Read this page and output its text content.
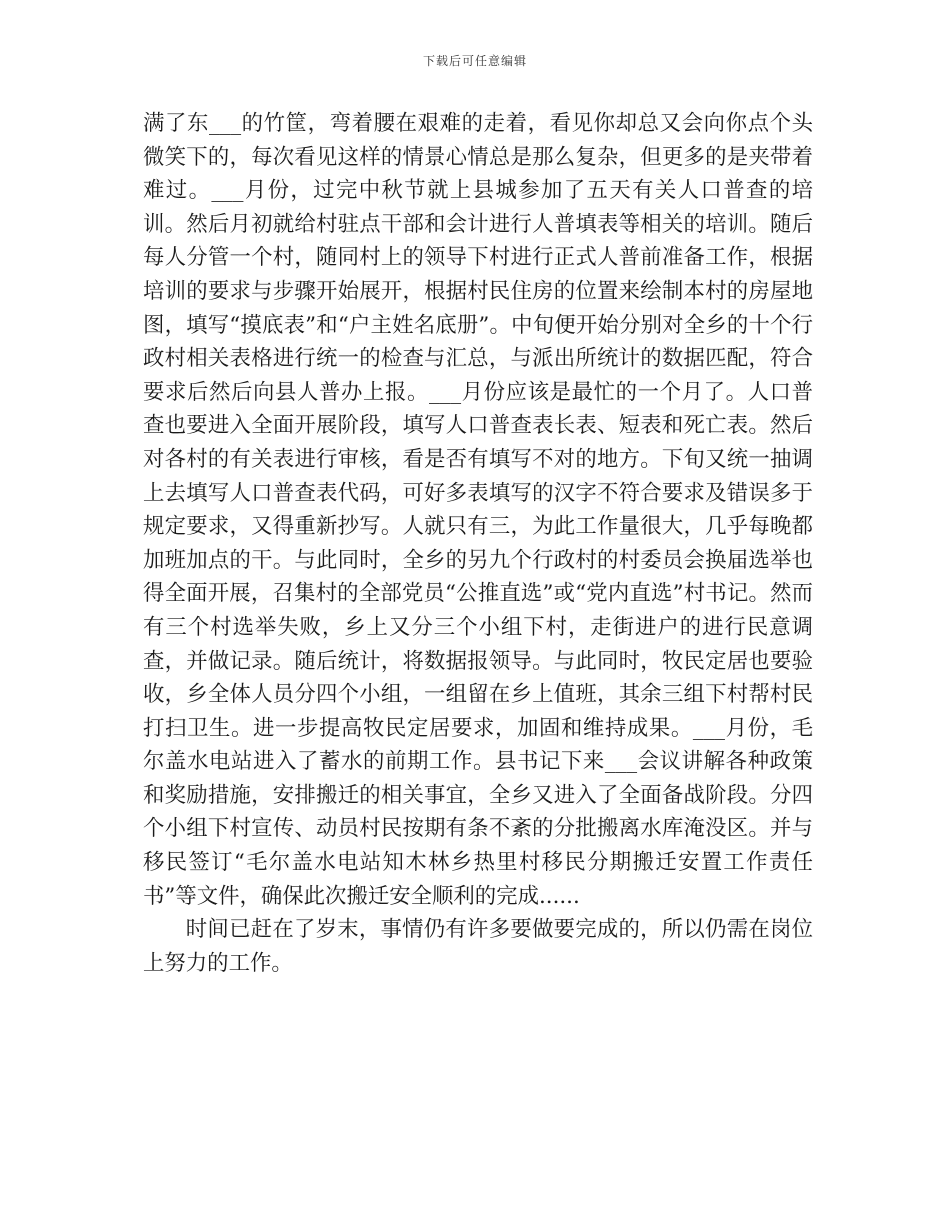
下载后可任意编辑

满了东___的竹筐，弯着腰在艰难的走着，看见你却总又会向你点个头微笑下的，每次看见这样的情景心情总是那么复杂，但更多的是夹带着难过。___月份，过完中秋节就上县城参加了五天有关人口普查的培训。然后月初就给村驻点干部和会计进行人普填表等相关的培训。随后每人分管一个村，随同村上的领导下村进行正式人普前准备工作，根据培训的要求与步骤开始展开，根据村民住房的位置来绘制本村的房屋地图，填写“摸底表”和“户主姓名底册”。中旬便开始分别对全乡的十个行政村相关表格进行统一的检查与汇总，与派出所统计的数据匹配，符合要求后然后向县人普办上报。___月份应该是最忙的一个月了。人口普查也要进入全面开展阶段，填写人口普查表长表、短表和死亡表。然后对各村的有关表进行审核，看是否有填写不对的地方。下旬又统一抽调上去填写人口普查表代码，可好多表填写的汉字不符合要求及错误多于规定要求，又得重新抄写。人就只有三，为此工作量很大，几乎每晚都加班加点的干。与此同时，全乡的另九个行政村的村委员会换届选举也得全面开展，召集村的全部党员“公推直选”或“党内直选”村书记。然而有三个村选举失败，乡上又分三个小组下村，走街进户的进行民意调查，并做记录。随后统计，将数据报领导。与此同时，牧民定居也要验收，乡全体人员分四个小组，一组留在乡上值班，其余三组下村帮村民打扫卫生。进一步提高牧民定居要求，加固和维持成果。___月份，毛尔盖水电站进入了蓄水的前期工作。县书记下来___会议讲解各种政策和奖励措施，安排搬迁的相关事宜，全乡又进入了全面备战阶段。分四个小组下村宣传、动员村民按期有条不紊的分批搬离水库淹没区。并与移民签订“毛尔盖水电站知木林乡热里村移民分期搬迁安置工作责任书”等文件，确保此次搬迁安全顺利的完成......

时间已赶在了岁末，事情仍有许多要做要完成的，所以仍需在岗位上努力的工作。
